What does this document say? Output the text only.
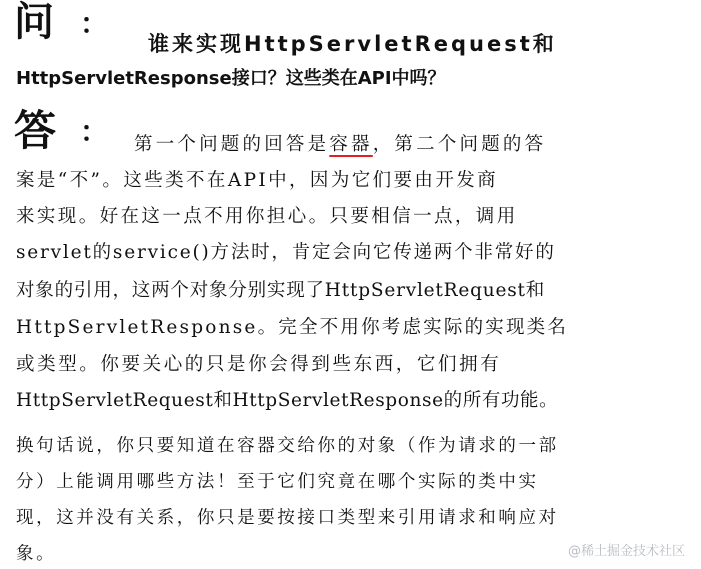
问 ：
谁来实现HttpServletRequest和
HttpServletResponse接口？这些类在API中吗？
答 ： 第一个问题的回答是容器，第二个问题的答
案是“不”。这些类不在API中，因为它们要由开发商
来实现。好在这一点不用你担心。只要相信一点，调用
servlet的service()方法时，肯定会向它传递两个非常好的
对象的引用，这两个对象分别实现了HttpServletRequest和
HttpServletResponse。完全不用你考虑实际的实现类名
或类型。你要关心的只是你会得到些东西，它们拥有
HttpServletRequest和HttpServletResponse的所有功能。
换句话说，你只要知道在容器交给你的对象（作为请求的一部
分）上能调用哪些方法！至于它们究竟在哪个实际的类中实
现，这并没有关系，你只是要按接口类型来引用请求和响应对
象。	@稀土掘金技术社区
